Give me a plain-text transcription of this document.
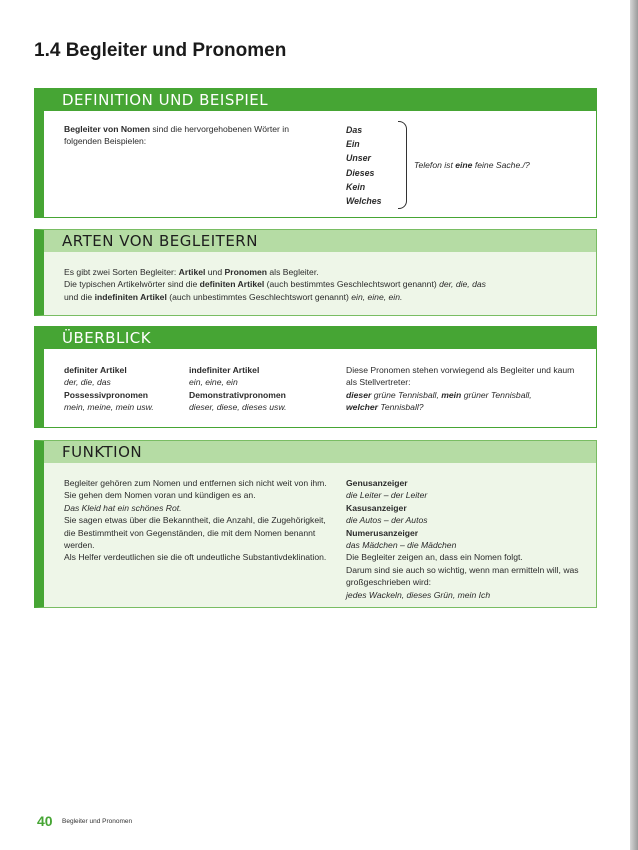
1.4 Begleiter und Pronomen
DEFINITION UND BEISPIEL
Begleiter von Nomen sind die hervorgehobenen Wörter in folgenden Beispielen:
Das
Ein
Unser
Dieses
Kein
Welches
Telefon ist eine feine Sache./?
ARTEN VON BEGLEITERN
Es gibt zwei Sorten Begleiter: Artikel und Pronomen als Begleiter.
Die typischen Artikelwörter sind die definiten Artikel (auch bestimmtes Geschlechtswort genannt) der, die, das
und die indefiniten Artikel (auch unbestimmtes Geschlechtswort genannt) ein, eine, ein.
ÜBERBLICK
definiter Artikel
der, die, das
Possessivpronomen
mein, meine, mein usw.
indefiniter Artikel
ein, eine, ein
Demonstrativpronomen
dieser, diese, dieses usw.
Diese Pronomen stehen vorwiegend als Begleiter und kaum als Stellvertreter:
dieser grüne Tennisball, mein grüner Tennisball,
welcher Tennisball?
FUNKTION
Begleiter gehören zum Nomen und entfernen sich nicht weit von ihm. Sie gehen dem Nomen voran und kündigen es an.
Das Kleid hat ein schönes Rot.
Sie sagen etwas über die Bekanntheit, die Anzahl, die Zugehörigkeit, die Bestimmtheit von Gegenständen, die mit dem Nomen benannt werden.
Als Helfer verdeutlichen sie die oft undeutliche Substantivdeklination.
Genusanzeiger
die Leiter – der Leiter
Kasusanzeiger
die Autos – der Autos
Numerusanzeiger
das Mädchen – die Mädchen
Die Begleiter zeigen an, dass ein Nomen folgt.
Darum sind sie auch so wichtig, wenn man ermitteln will, was großgeschrieben wird:
jedes Wackeln, dieses Grün, mein Ich
40 Begleiter und Pronomen
